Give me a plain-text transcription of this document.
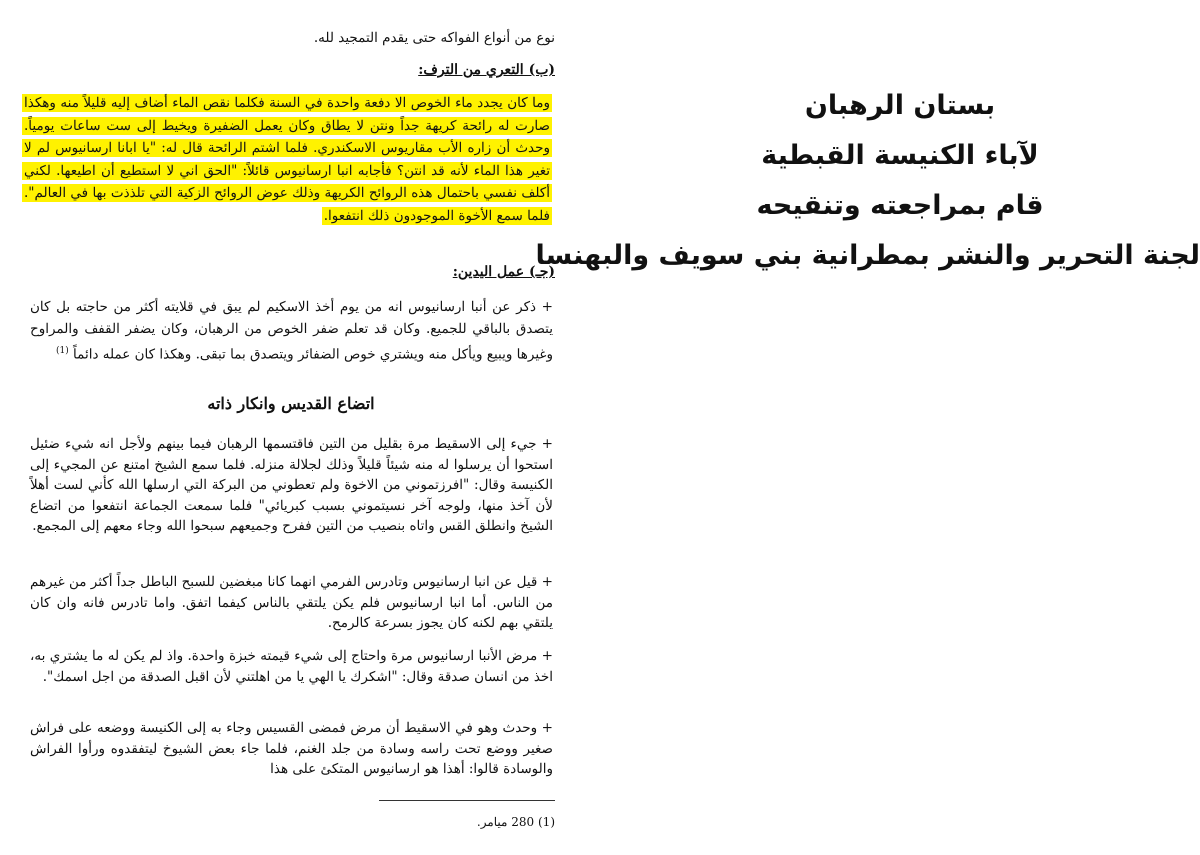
نوع من أنواع الفواكه حتى يقدم التمجيد لله.
(ب) التعري من الترف:

وما كان يجدد ماء الخوص الا دفعة واحدة في السنة فكلما نقص الماء أضاف إليه قليلاً منه وهكذا صارت له رائحة كريهة جداً ونتن لا يطاق وكان يعمل الضفيرة ويخيط إلى ست ساعات يومياً. وحدث أن زاره الأب مقاريوس الاسكندري. فلما اشتم الرائحة قال له: "يا ابانا ارسانيوس لم لا تغير هذا الماء لأنه قد انتن؟ فأجابه انبا ارسانيوس قائلاً: "الحق اني لا استطيع أن اطيعها. لكني أكلف نفسي باحتمال هذه الروائح الكريهة وذلك عوض الروائح الزكية التي تلذذت بها في العالم". فلما سمع الأخوة الموجودون ذلك انتفعوا.

(جـ) عمل اليدين:

+ ذكر عن أنبا ارسانيوس انه من يوم أخذ الاسكيم لم يبق في قلايته أكثر من حاجته بل كان يتصدق بالباقي للجميع. وكان قد تعلم ضفر الخوص من الرهبان، وكان يضفر القفف والمراوح وغيرها ويبيع ويأكل منه ويشتري خوص الضفائر ويتصدق بما تبقى. وهكذا كان عمله دائماً $^{(1)}$

اتضاع القديس وانكار ذاته

+ جيء إلى الاسقيط مرة بقليل من التين فاقتسمها الرهبان فيما بينهم ولأجل انه شيء ضئيل استحوا أن يرسلوا له منه شيئاً قليلاً وذلك لجلالة منزله. فلما سمع الشيخ امتنع عن المجيء إلى الكنيسة وقال: "افرزتموني من الاخوة ولم تعطوني من البركة التي ارسلها الله كأني لست أهلاً لأن آخذ منها، ولوجه آخر نسيتموني بسبب كبريائي" فلما سمعت الجماعة انتفعوا من اتضاع الشيخ وانطلق القس واتاه بنصيب من التين ففرح وجميعهم سبحوا الله وجاء معهم إلى المجمع.

+ قيل عن انبا ارسانيوس وتادرس الفرمي انهما كانا مبغضين للسبح الباطل جداً أكثر من غيرهم من الناس. أما انبا ارسانيوس فلم يكن يلتقي بالناس كيفما اتفق. واما تادرس فانه وان كان يلتقي بهم لكنه كان يجوز بسرعة كالرمح.

+ مرض الأنبا ارسانيوس مرة واحتاج إلى شيء قيمته خبزة واحدة. واذ لم يكن له ما يشتري به، اخذ من انسان صدقة وقال: "اشكرك يا الهي يا من اهلتني لأن اقبل الصدقة من اجل اسمك".

+ وحدث وهو في الاسقيط أن مرض فمضى القسيس وجاء به إلى الكنيسة ووضعه على فراش صغير ووضع تحت راسه وسادة من جلد الغنم، فلما جاء بعض الشيوخ ليتفقدوه ورأوا الفراش والوسادة قالوا: أهذا هو ارسانيوس المتكئ على هذا

(1) 280 ميامر.
بستان الرهبان
لآباء الكنيسة القبطية
قام بمراجعته وتنقيحه
لجنة التحرير والنشر بمطرانية بني سويف والبهنسا
